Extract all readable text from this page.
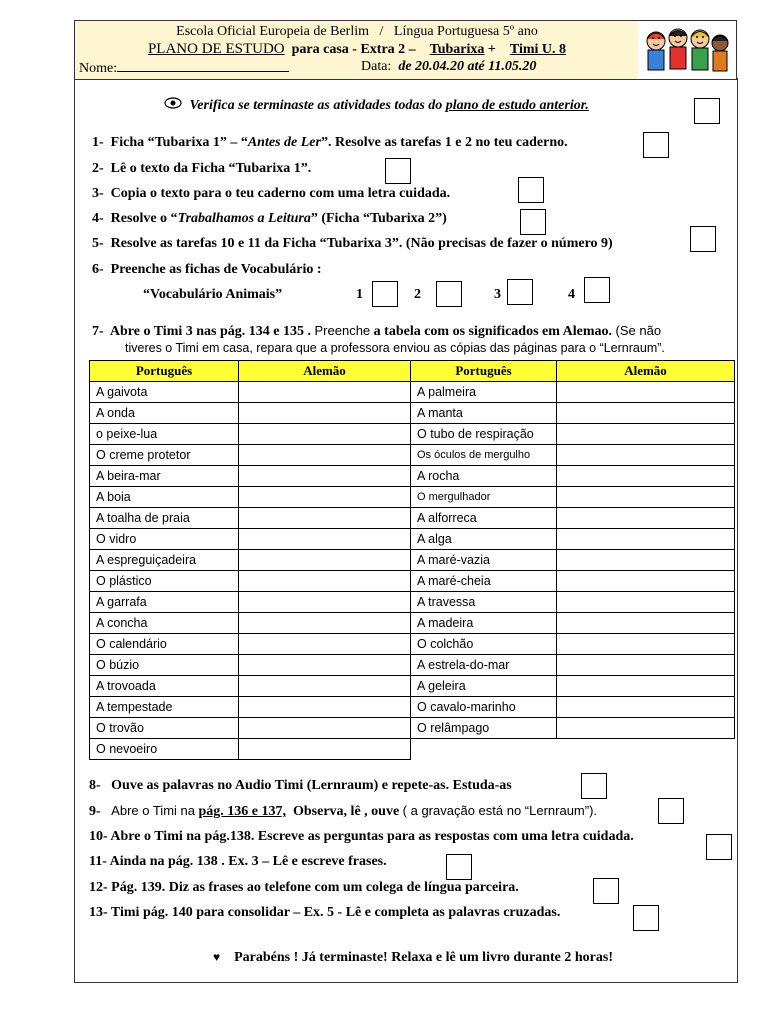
Escola Oficial Europeia de Berlim / Língua Portuguesa 5º ano
PLANO DE ESTUDO para casa - Extra 2 – Tubarixa + Timi U. 8
Nome:	Data: de 20.04.20 até 11.05.20
Verifica se terminaste as atividades todas do plano de estudo anterior.
1- Ficha “Tubarixa 1” – “Antes de Ler”. Resolve as tarefas 1 e 2 no teu caderno.
2- Lê o texto da Ficha “Tubarixa 1”.
3- Copia o texto para o teu caderno com uma letra cuidada.
4- Resolve o “Trabalhamos a Leitura” (Ficha “Tubarixa 2”)
5- Resolve as tarefas 10 e 11 da Ficha “Tubarixa 3”. (Não precisas de fazer o número 9)
6- Preenche as fichas de Vocabulário :
“Vocabulário Animais”	1	2	3	4
7- Abre o Timi 3 nas pág. 134 e 135 . Preenche a tabela com os significados em Alemao. (Se não
tiveres o Timi em casa, repara que a professora enviou as cópias das páginas para o “Lernraum”.
Português	Alemão	Português	Alemão
A gaivota		A palmeira	
A onda		A manta	
o peixe-lua		O tubo de respiração	
O creme protetor		Os óculos de mergulho	
A beira-mar		A rocha	
A boia		O mergulhador	
A toalha de praia		A alforreca	
O vidro		A alga	
A espreguiçadeira		A maré-vazia	
O plástico		A maré-cheia	
A garrafa		A travessa	
A concha		A madeira	
O calendário		O colchão	
O búzio		A estrela-do-mar	
A trovoada		A geleira	
A tempestade		O cavalo-marinho	
O trovão		O relâmpago	
O nevoeiro			
8- Ouve as palavras no Audio Timi (Lernraum) e repete-as. Estuda-as
9- Abre o Timi na pág. 136 e 137, Observa, lê , ouve ( a gravação está no “Lernraum”).
10- Abre o Timi na pág.138. Escreve as perguntas para as respostas com uma letra cuidada.
11- Ainda na pág. 138 . Ex. 3 – Lê e escreve frases.
12- Pág. 139. Diz as frases ao telefone com um colega de língua parceira.
13- Timi pág. 140 para consolidar – Ex. 5 - Lê e completa as palavras cruzadas.
♥ Parabéns ! Já terminaste! Relaxa e lê um livro durante 2 horas!
